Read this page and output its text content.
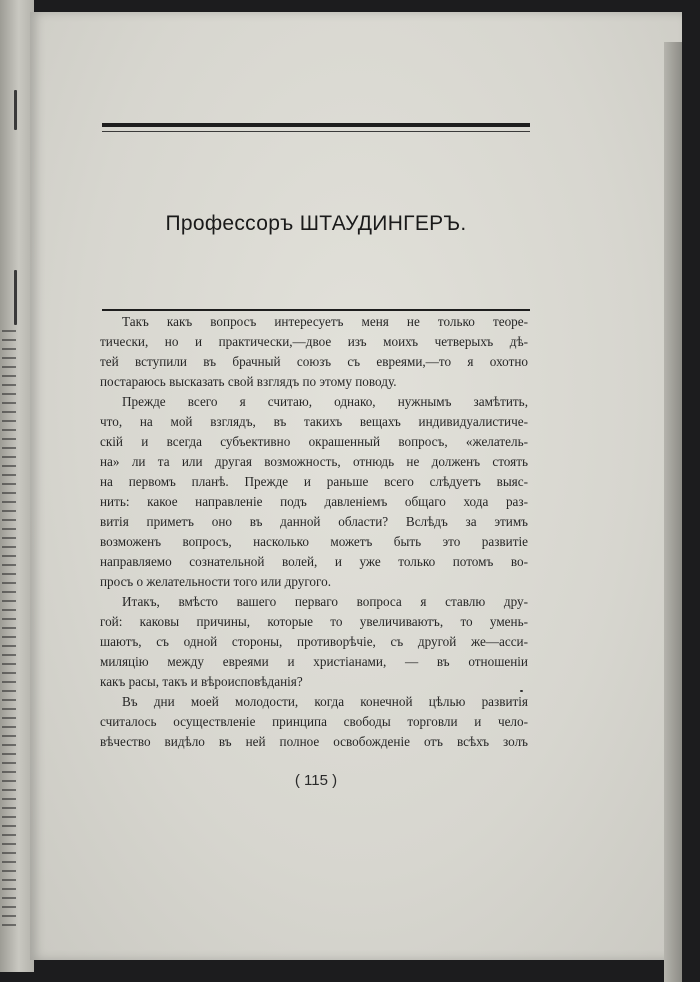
Профессоръ ШТАУДИНГЕРЪ.

Такъ какъ вопросъ интересуетъ меня не только теоре-
тически, но и практически,—двое изъ моихъ четверыхъ дѣ-
тей вступили въ брачный союзъ съ евреями,—то я охотно
постараюсь высказать свой взглядъ по этому поводу.

Прежде всего я считаю, однако, нужнымъ замѣтить,
что, на мой взглядъ, въ такихъ вещахъ индивидуалистиче-
скій и всегда субъективно окрашенный вопросъ, «желатель-
на» ли та или другая возможность, отнюдь не долженъ стоять
на первомъ планѣ. Прежде и раньше всего слѣдуетъ выяс-
нить: какое направленіе подъ давленіемъ общаго хода раз-
витія приметъ оно въ данной области? Вслѣдъ за этимъ
возможенъ вопросъ, насколько можетъ быть это развитіе
направляемо сознательной волей, и уже только потомъ во-
просъ о желательности того или другого.

Итакъ, вмѣсто вашего перваго вопроса я ставлю дру-
гой: каковы причины, которые то увеличиваютъ, то умень-
шаютъ, съ одной стороны, противорѣчіе, съ другой же—асси-
миляцію между евреями и христіанами, — въ отношеніи
какъ расы, такъ и вѣроисповѣданія?

Въ дни моей молодости, когда конечной цѣлью развитія
считалось осуществленіе принципа свободы торговли и чело-
вѣчество видѣло въ ней полное освобожденіе отъ всѣхъ золъ

( 115 )
